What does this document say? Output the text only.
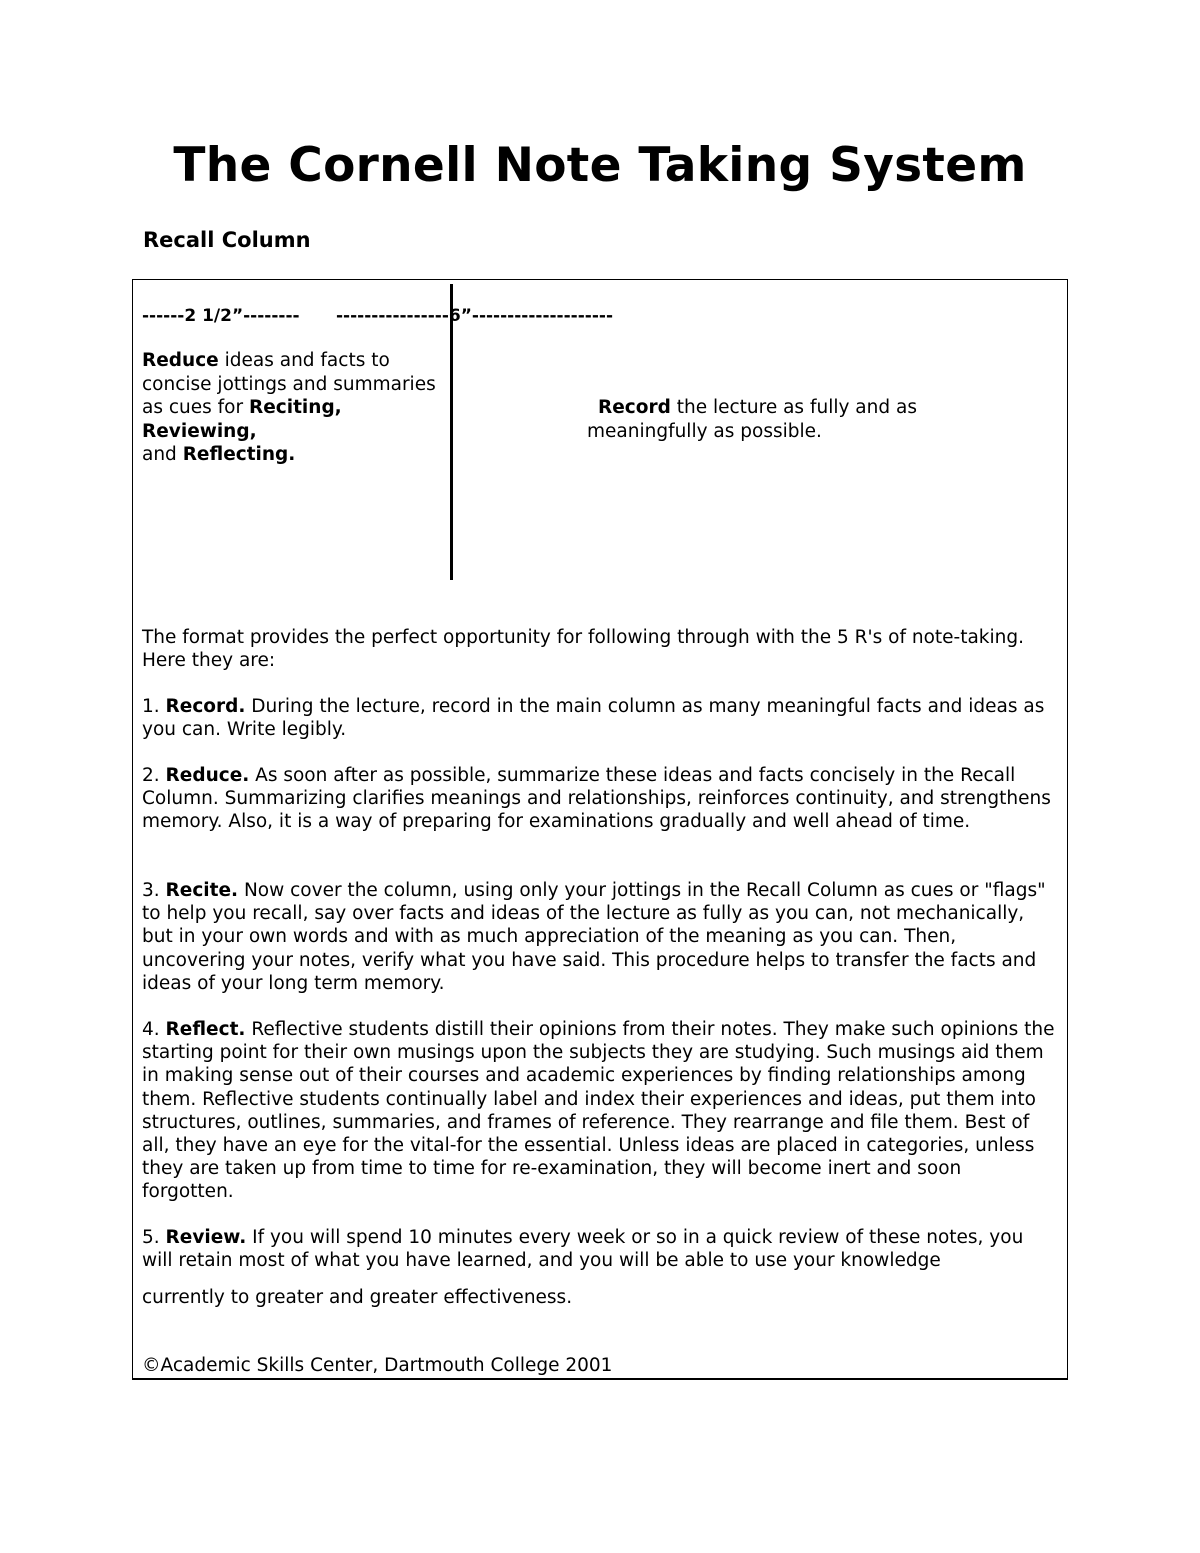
The Cornell Note Taking System
Recall Column

------2 1/2”-------- ----------------6”--------------------

Reduce ideas and facts to concise jottings and summaries as cues for Reciting, Reviewing,
and Reflecting.

Record the lecture as fully and as
meaningfully as possible.

The format provides the perfect opportunity for following through with the 5 R's of note-taking. Here they are:

1. Record. During the lecture, record in the main column as many meaningful facts and ideas as you can. Write legibly.

2. Reduce. As soon after as possible, summarize these ideas and facts concisely in the Recall Column. Summarizing clarifies meanings and relationships, reinforces continuity, and strengthens memory. Also, it is a way of preparing for examinations gradually and well ahead of time.

3. Recite. Now cover the column, using only your jottings in the Recall Column as cues or "flags" to help you recall, say over facts and ideas of the lecture as fully as you can, not mechanically, but in your own words and with as much appreciation of the meaning as you can. Then, uncovering your notes, verify what you have said. This procedure helps to transfer the facts and ideas of your long term memory.

4. Reflect. Reflective students distill their opinions from their notes. They make such opinions the starting point for their own musings upon the subjects they are studying. Such musings aid them in making sense out of their courses and academic experiences by finding relationships among them. Reflective students continually label and index their experiences and ideas, put them into structures, outlines, summaries, and frames of reference. They rearrange and file them. Best of all, they have an eye for the vital-for the essential. Unless ideas are placed in categories, unless they are taken up from time to time for re-examination, they will become inert and soon forgotten.

5. Review. If you will spend 10 minutes every week or so in a quick review of these notes, you will retain most of what you have learned, and you will be able to use your knowledge

currently to greater and greater effectiveness.

©Academic Skills Center, Dartmouth College 2001
